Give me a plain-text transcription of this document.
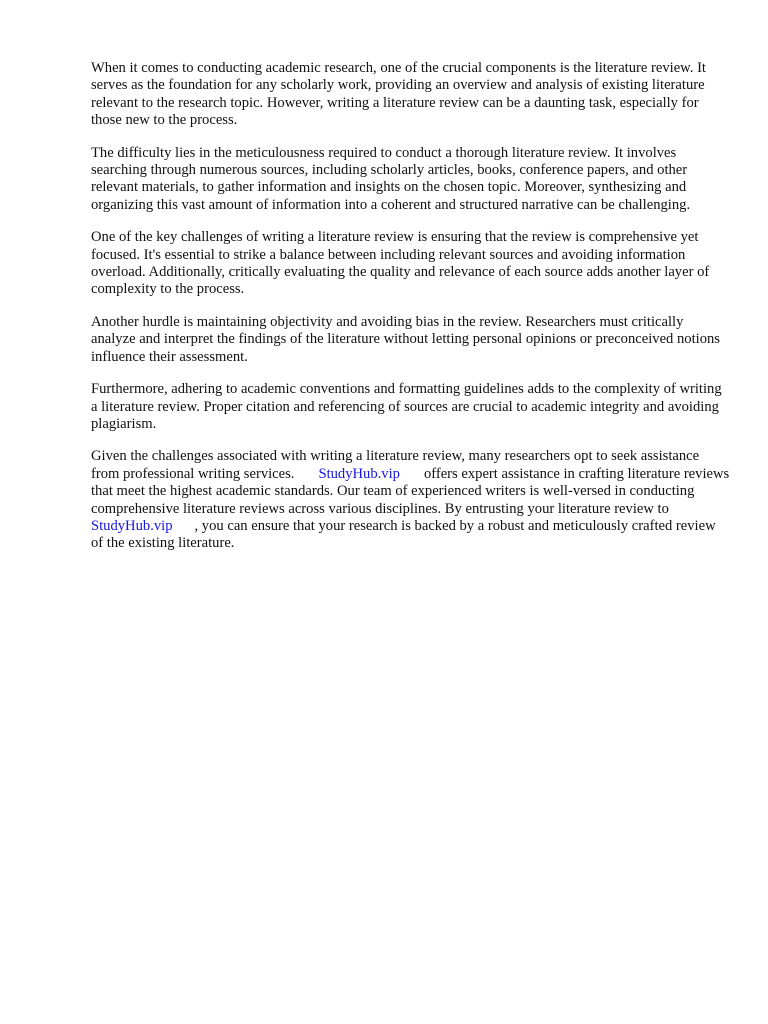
When it comes to conducting academic research, one of the crucial components is the literature review. It serves as the foundation for any scholarly work, providing an overview and analysis of existing literature relevant to the research topic. However, writing a literature review can be a daunting task, especially for those new to the process.

The difficulty lies in the meticulousness required to conduct a thorough literature review. It involves searching through numerous sources, including scholarly articles, books, conference papers, and other relevant materials, to gather information and insights on the chosen topic. Moreover, synthesizing and organizing this vast amount of information into a coherent and structured narrative can be challenging.

One of the key challenges of writing a literature review is ensuring that the review is comprehensive yet focused. It's essential to strike a balance between including relevant sources and avoiding information overload. Additionally, critically evaluating the quality and relevance of each source adds another layer of complexity to the process.

Another hurdle is maintaining objectivity and avoiding bias in the review. Researchers must critically analyze and interpret the findings of the literature without letting personal opinions or preconceived notions influence their assessment.

Furthermore, adhering to academic conventions and formatting guidelines adds to the complexity of writing a literature review. Proper citation and referencing of sources are crucial to academic integrity and avoiding plagiarism.

Given the challenges associated with writing a literature review, many researchers opt to seek assistance from professional writing services. StudyHub.vip offers expert assistance in crafting literature reviews that meet the highest academic standards. Our team of experienced writers is well-versed in conducting comprehensive literature reviews across various disciplines. By entrusting your literature review toStudyHub.vip , you can ensure that your research is backed by a robust and meticulously crafted review of the existing literature.
